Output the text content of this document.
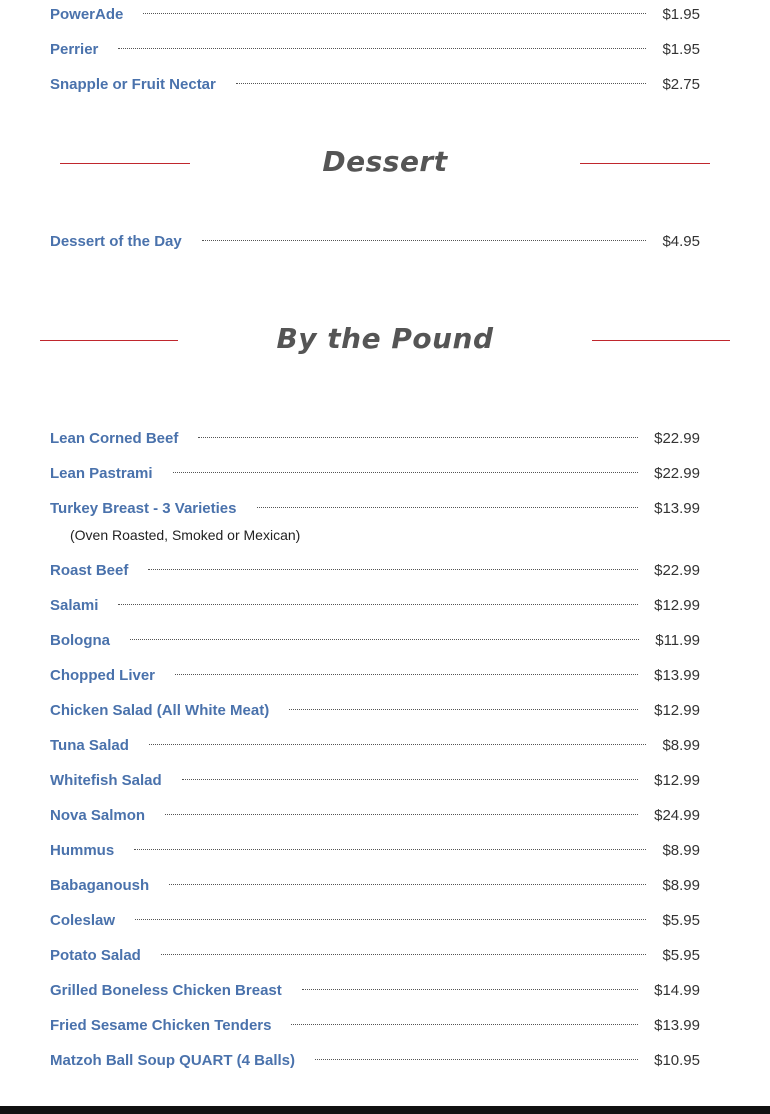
PowerAde	$1.95
Perrier	$1.95
Snapple or Fruit Nectar	$2.75
Dessert
Dessert of the Day	$4.95
By the Pound
Lean Corned Beef	$22.99
Lean Pastrami	$22.99
Turkey Breast - 3 Varieties	$13.99
(Oven Roasted, Smoked or Mexican)
Roast Beef	$22.99
Salami	$12.99
Bologna	$11.99
Chopped Liver	$13.99
Chicken Salad (All White Meat)	$12.99
Tuna Salad	$8.99
Whitefish Salad	$12.99
Nova Salmon	$24.99
Hummus	$8.99
Babaganoush	$8.99
Coleslaw	$5.95
Potato Salad	$5.95
Grilled Boneless Chicken Breast	$14.99
Fried Sesame Chicken Tenders	$13.99
Matzoh Ball Soup QUART (4 Balls)	$10.95
